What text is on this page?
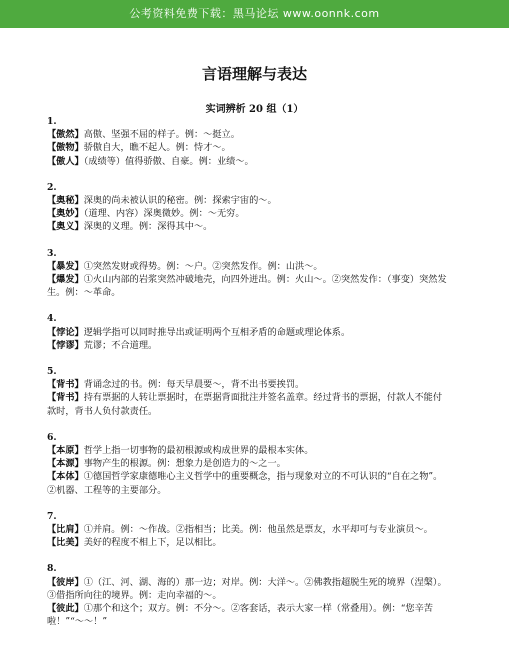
公考资料免费下载：黑马论坛 www.oonnk.com
言语理解与表达
实词辨析 20 组（1）
1.

【傲然】高傲、坚强不屈的样子。例：～挺立。

【傲物】骄傲自大，瞧不起人。例：恃才～。

【傲人】（成绩等）值得骄傲、自豪。例：业绩～。

2.

【奥秘】深奥的尚未被认识的秘密。例：探索宇宙的～。

【奥妙】（道理、内容）深奥微妙。例：～无穷。

【奥义】深奥的义理。例：深得其中～。

3.

【暴发】①突然发财或得势。例：～户。②突然发作。例：山洪～。

【爆发】①火山内部的岩浆突然冲破地壳，向四外迸出。例：火山～。②突然发作：（事变）突然发生。例：～革命。

4.

【悖论】逻辑学指可以同时推导出或证明两个互相矛盾的命题或理论体系。

【悖谬】荒谬；不合道理。

5.

【背书】背诵念过的书。例：每天早晨要～，背不出书要挨罚。

【背书】持有票据的人转让票据时，在票据背面批注并签名盖章。经过背书的票据，付款人不能付款时，背书人负付款责任。

6.

【本原】哲学上指一切事物的最初根源或构成世界的最根本实体。

【本源】事物产生的根源。例：想象力是创造力的～之一。

【本体】①德国哲学家康德唯心主义哲学中的重要概念，指与现象对立的不可认识的“自在之物”。②机器、工程等的主要部分。

7.

【比肩】①并肩。例：～作战。②指相当；比美。例：他虽然是票友，水平却可与专业演员～。

【比美】美好的程度不相上下，足以相比。

8.

【彼岸】①（江、河、湖、海的）那一边；对岸。例：大洋～。②佛教指超脱生死的境界（涅槃）。③借指所向往的境界。例：走向幸福的～。

【彼此】①那个和这个；双方。例：不分～。②客套话，表示大家一样（常叠用）。例：“您辛苦啦！”“～～！”
